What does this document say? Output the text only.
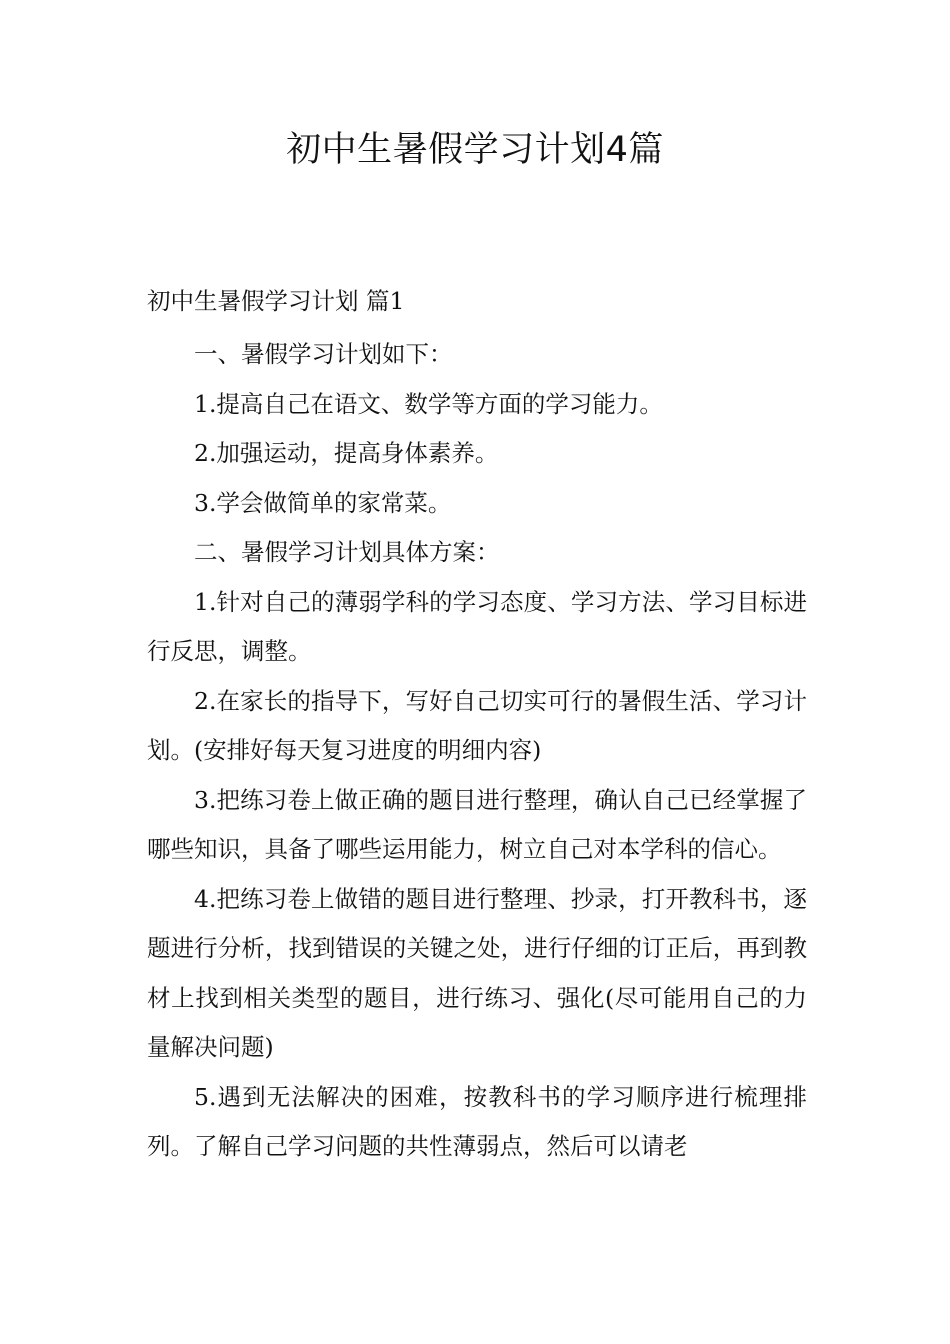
初中生暑假学习计划4篇
初中生暑假学习计划 篇1

一、暑假学习计划如下：

1.提高自己在语文、数学等方面的学习能力。

2.加强运动，提高身体素养。

3.学会做简单的家常菜。

二、暑假学习计划具体方案：

1.针对自己的薄弱学科的学习态度、学习方法、学习目标进行反思，调整。

2.在家长的指导下，写好自己切实可行的暑假生活、学习计划。(安排好每天复习进度的明细内容)

3.把练习卷上做正确的题目进行整理，确认自己已经掌握了哪些知识，具备了哪些运用能力，树立自己对本学科的信心。

4.把练习卷上做错的题目进行整理、抄录，打开教科书，逐题进行分析，找到错误的关键之处，进行仔细的订正后，再到教材上找到相关类型的题目，进行练习、强化(尽可能用自己的力量解决问题)

5.遇到无法解决的困难，按教科书的学习顺序进行梳理排列。了解自己学习问题的共性薄弱点，然后可以请老
